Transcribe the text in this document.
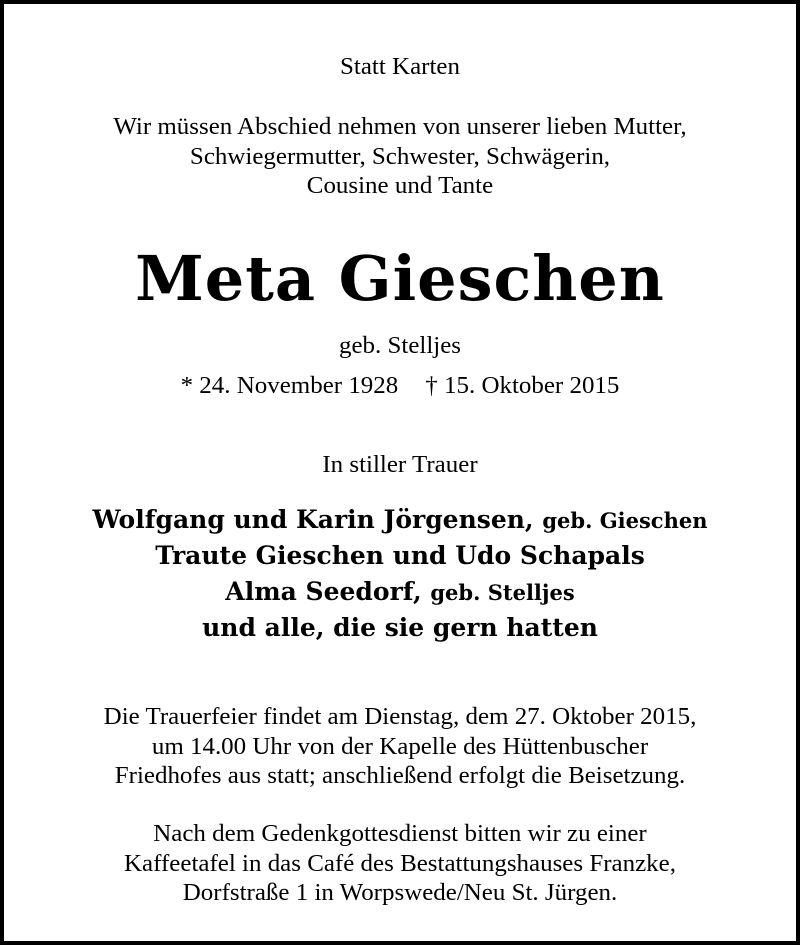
Statt Karten
Wir müssen Abschied nehmen von unserer lieben Mutter,
Schwiegermutter, Schwester, Schwägerin,
Cousine und Tante
Meta Gieschen
geb. Stelljes
* 24. November 1928 † 15. Oktober 2015
In stiller Trauer
Wolfgang und Karin Jörgensen, geb. Gieschen
Traute Gieschen und Udo Schapals
Alma Seedorf, geb. Stelljes
und alle, die sie gern hatten
Die Trauerfeier findet am Dienstag, dem 27. Oktober 2015,
um 14.00 Uhr von der Kapelle des Hüttenbuscher
Friedhofes aus statt; anschließend erfolgt die Beisetzung.
Nach dem Gedenkgottesdienst bitten wir zu einer
Kaffeetafel in das Café des Bestattungshauses Franzke,
Dorfstraße 1 in Worpswede/Neu St. Jürgen.
